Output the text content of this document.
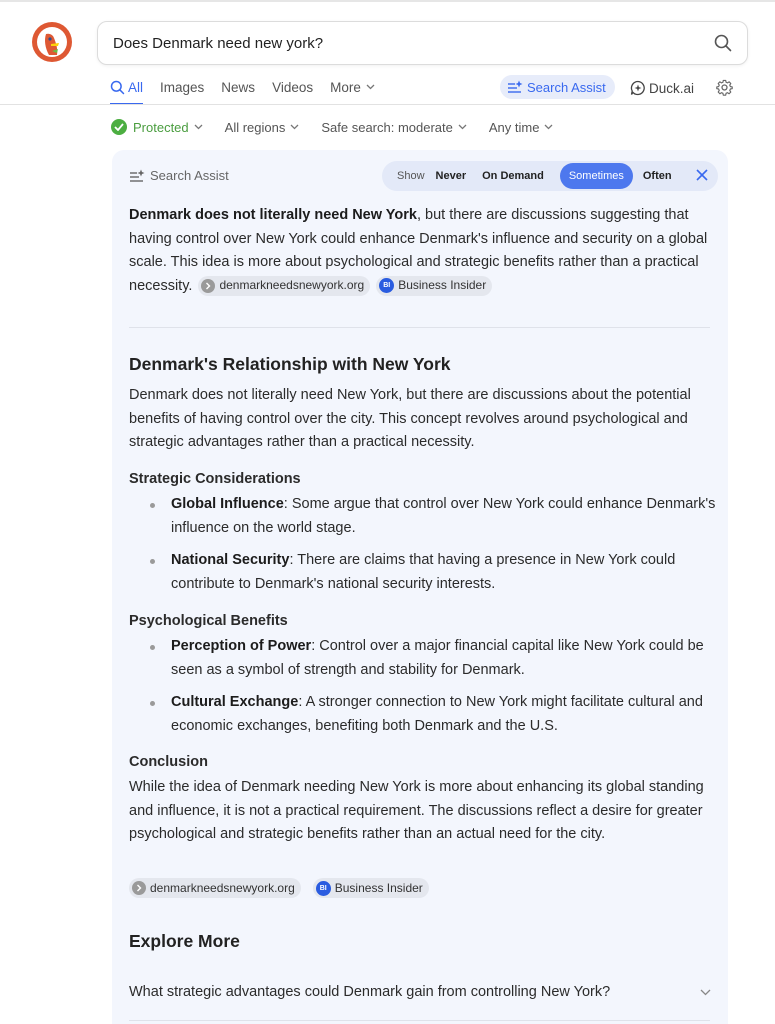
Does Denmark need new york?
All Images News Videos More	Search Assist	Duck.ai
Protected	All regions	Safe search: moderate	Any time
Search Assist	Show Never On Demand	Sometimes	Often
Denmark does not literally need New York, but there are discussions suggesting that having control over New York could enhance Denmark's influence and security on a global scale. This idea is more about psychological and strategic benefits rather than a practical necessity. denmarkneedsnewyork.org	BI Business Insider
Denmark's Relationship with New York
Denmark does not literally need New York, but there are discussions about the potential benefits of having control over the city. This concept revolves around psychological and strategic advantages rather than a practical necessity.
Strategic Considerations
Global Influence: Some argue that control over New York could enhance Denmark's influence on the world stage.
National Security: There are claims that having a presence in New York could contribute to Denmark's national security interests.
Psychological Benefits
Perception of Power: Control over a major financial capital like New York could be seen as a symbol of strength and stability for Denmark.
Cultural Exchange: A stronger connection to New York might facilitate cultural and economic exchanges, benefiting both Denmark and the U.S.
Conclusion
While the idea of Denmark needing New York is more about enhancing its global standing and influence, it is not a practical requirement. The discussions reflect a desire for greater psychological and strategic benefits rather than an actual need for the city.
denmarkneedsnewyork.org	BI Business Insider
Explore More
What strategic advantages could Denmark gain from controlling New York?
